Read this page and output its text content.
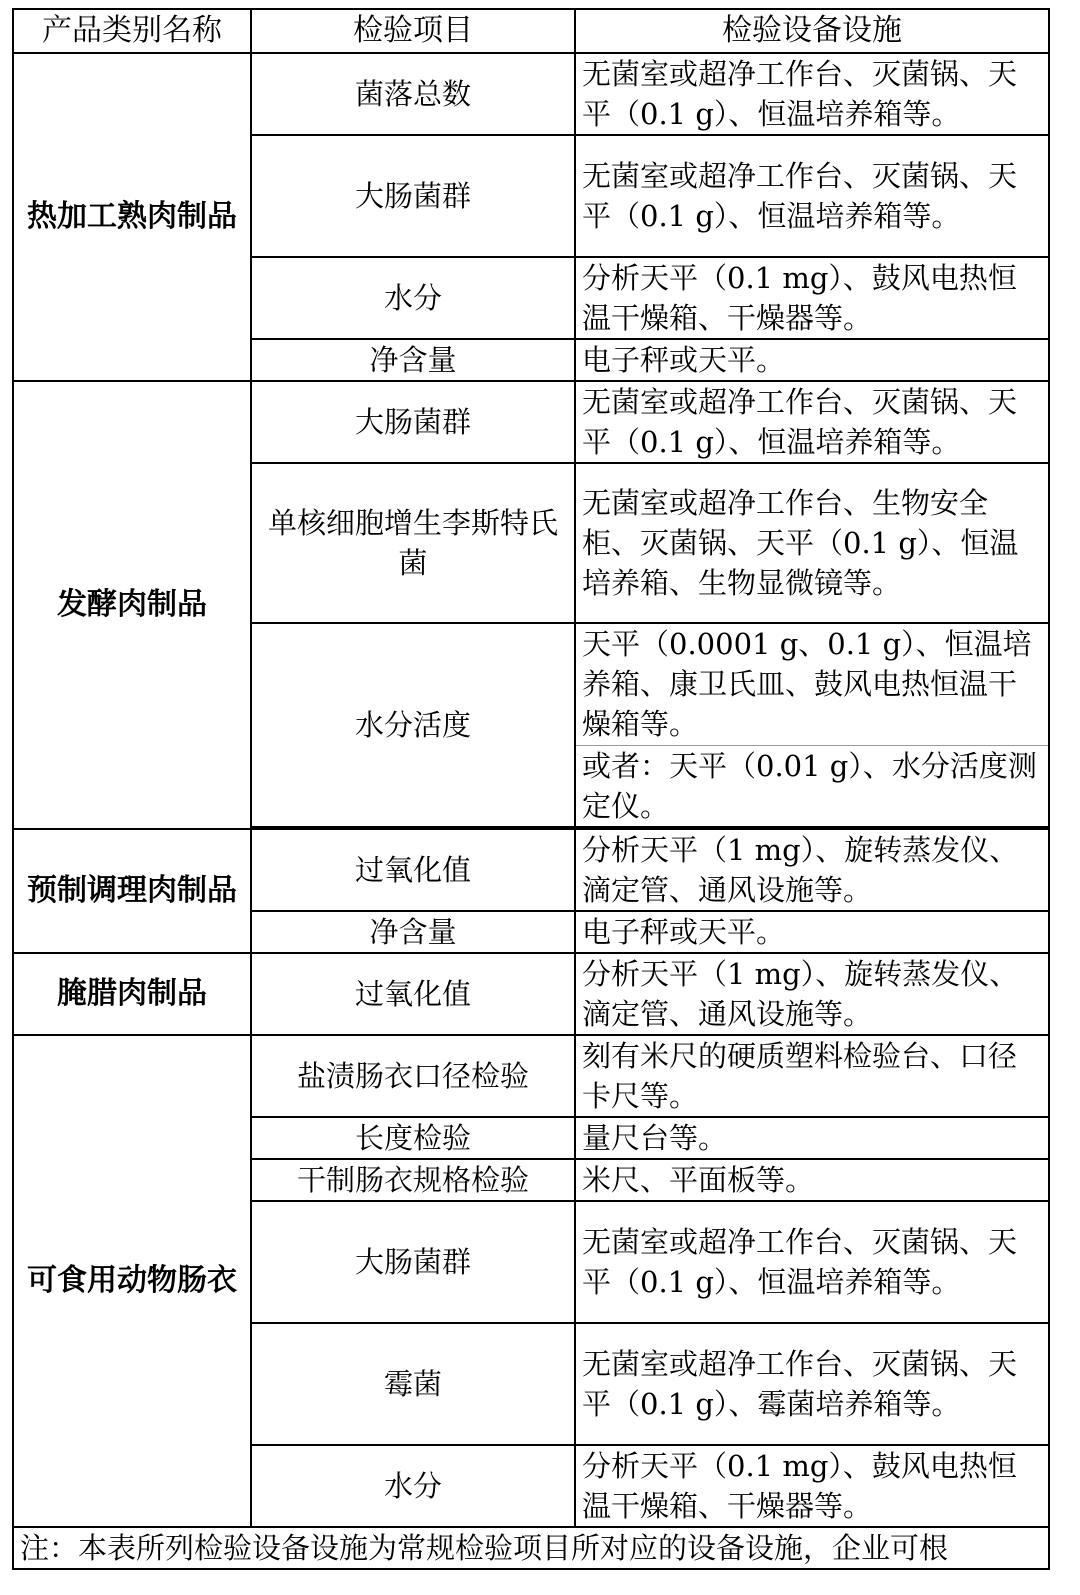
产品类别名称	检验项目	检验设备设施
热加工熟肉制品	菌落总数	无菌室或超净工作台、灭菌锅、天平（0.1 g）、恒温培养箱等。
	大肠菌群	无菌室或超净工作台、灭菌锅、天平（0.1 g）、恒温培养箱等。
	水分	分析天平（0.1 mg）、鼓风电热恒温干燥箱、干燥器等。
	净含量	电子秤或天平。
发酵肉制品	大肠菌群	无菌室或超净工作台、灭菌锅、天平（0.1 g）、恒温培养箱等。
	单核细胞增生李斯特氏菌	无菌室或超净工作台、生物安全柜、灭菌锅、天平（0.1 g）、恒温培养箱、生物显微镜等。
	水分活度	天平（0.0001 g、0.1 g）、恒温培养箱、康卫氏皿、鼓风电热恒温干燥箱等。
		或者：天平（0.01 g）、水分活度测定仪。

预制调理肉制品	过氧化值	分析天平（1 mg）、旋转蒸发仪、滴定管、通风设施等。
	净含量	电子秤或天平。
腌腊肉制品	过氧化值	分析天平（1 mg）、旋转蒸发仪、滴定管、通风设施等。
可食用动物肠衣	盐渍肠衣口径检验	刻有米尺的硬质塑料检验台、口径卡尺等。
	长度检验	量尺台等。
	干制肠衣规格检验	米尺、平面板等。
	大肠菌群	无菌室或超净工作台、灭菌锅、天平（0.1 g）、恒温培养箱等。
	霉菌	无菌室或超净工作台、灭菌锅、天平（0.1 g）、霉菌培养箱等。
	水分	分析天平（0.1 mg）、鼓风电热恒温干燥箱、干燥器等。
注：本表所列检验设备设施为常规检验项目所对应的设备设施，企业可根		
